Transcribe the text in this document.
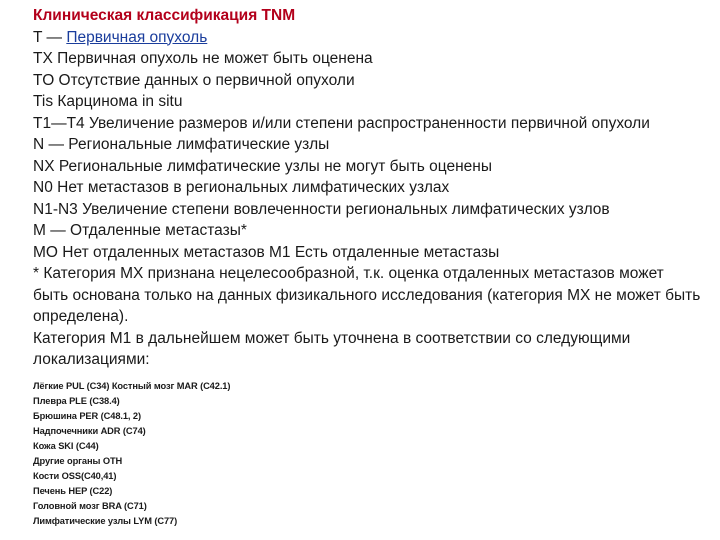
Клиническая классификация TNM

T — Первичная опухоль

TX Первичная опухоль не может быть оценена

TO Отсутствие данных о первичной опухоли

Tis Карцинома in situ

T1—T4 Увеличение размеров и/или степени распространенности первичной опухоли

N — Региональные лимфатические узлы

NX Региональные лимфатические узлы не могут быть оценены

N0 Нет метастазов в региональных лимфатических узлах

N1-N3 Увеличение степени вовлеченности региональных лимфатических узлов

M — Отдаленные метастазы*

MO Нет отдаленных метастазов M1 Есть отдаленные метастазы

* Категория MX признана нецелесообразной, т.к. оценка отдаленных метастазов может быть основана только на данных физикального исследования (категория MX не может быть определена).

Категория M1 в дальнейшем может быть уточнена в соответствии со следующими локализациями:

Лёгкие PUL (C34) Костный мозг MAR (C42.1)

Плевра PLE (C38.4)

Брюшина PER (C48.1, 2)

Надпочечники ADR (C74)

Кожа SKI (C44)

Другие органы OTH

Кости OSS(C40,41)

Печень HEP (C22)

Головной мозг BRA (C71)

Лимфатические узлы LYM (C77)
